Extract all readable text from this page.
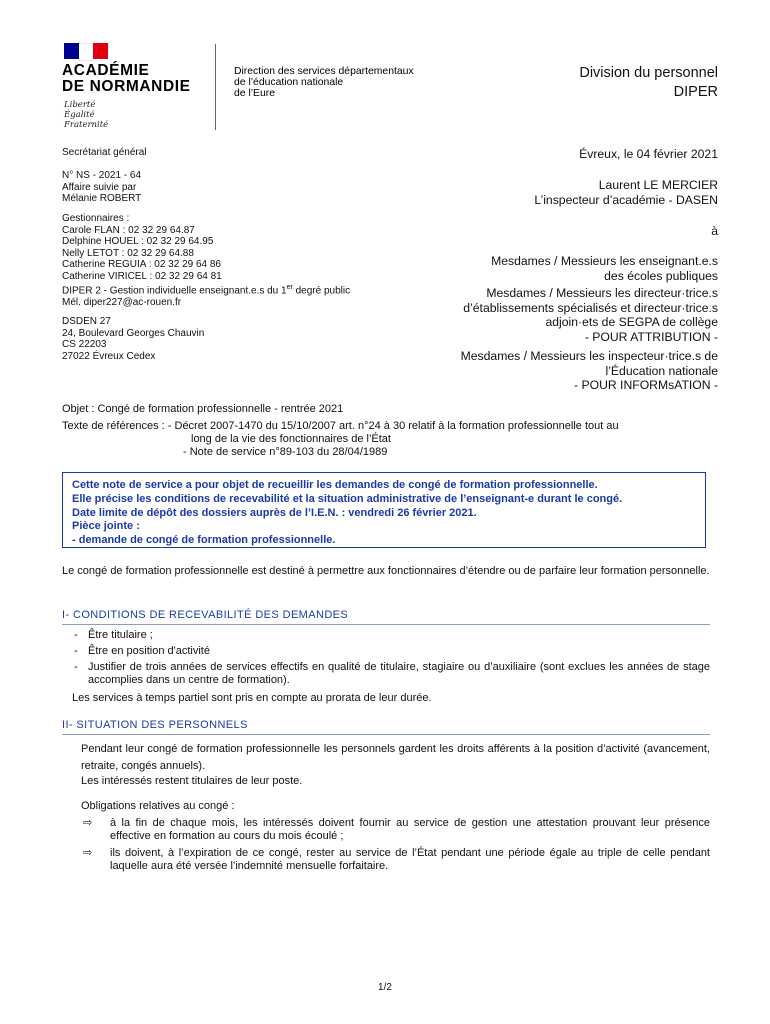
ACADÉMIE
DE NORMANDIE
Liberté
Égalité
Fraternité
Direction des services départementaux
de l’éducation nationale
de l’Eure
Division du personnel
DIPER
Secrétariat général
N° NS - 2021 - 64
Affaire suivie par
Mélanie ROBERT
Gestionnaires :
Carole FLAN : 02 32 29 64.87
Delphine HOUEL : 02 32 29 64.95
Nelly LETOT : 02 32 29 64.88
Catherine REGUIA : 02 32 29 64 86
Catherine VIRICEL : 02 32 29 64 81
DIPER 2 - Gestion individuelle enseignant.e.s du 1er degré public
Mél. diper227@ac-rouen.fr
DSDEN 27
24, Boulevard Georges Chauvin
CS 22203
27022 Évreux Cedex
Évreux, le 04 février 2021
Laurent LE MERCIER
L’inspecteur d’académie - DASEN
à
Mesdames / Messieurs les enseignant.e.s
des écoles publiques
Mesdames / Messieurs les directeur·trice.s
d’établissements spécialisés et directeur·trice.s
adjoin·ets de SEGPA de collège
- POUR ATTRIBUTION -
Mesdames / Messieurs les inspecteur·trice.s de
l’Éducation nationale
- POUR INFORMsATION -
Objet : Congé de formation professionnelle - rentrée 2021
Texte de références : - Décret 2007-1470 du 15/10/2007 art. n°24 à 30 relatif à la formation professionnelle tout au
long de la vie des fonctionnaires de l’État
- Note de service n°89-103 du 28/04/1989
Cette note de service a pour objet de recueillir les demandes de congé de formation professionnelle.
Elle précise les conditions de recevabilité et la situation administrative de l’enseignant-e durant le congé.
Date limite de dépôt des dossiers auprès de l’I.E.N. : vendredi 26 février 2021.
Pièce jointe :
- demande de congé de formation professionnelle.
Le congé de formation professionnelle est destiné à permettre aux fonctionnaires d’étendre ou de parfaire leur formation personnelle.
I- CONDITIONS DE RECEVABILITÉ DES DEMANDES
- Être titulaire ;
- Être en position d'activité
- Justifier de trois années de services effectifs en qualité de titulaire, stagiaire ou d’auxiliaire (sont exclues les années de stage accomplies dans un centre de formation).
Les services à temps partiel sont pris en compte au prorata de leur durée.
II- SITUATION DES PERSONNELS
Pendant leur congé de formation professionnelle les personnels gardent les droits afférents à la position d’activité (avancement, retraite, congés annuels).
Les intéressés restent titulaires de leur poste.
Obligations relatives au congé :
⇨ à la fin de chaque mois, les intéressés doivent fournir au service de gestion une attestation prouvant leur présence effective en formation au cours du mois écoulé ;
⇨ ils doivent, à l’expiration de ce congé, rester au service de l’État pendant une période égale au triple de celle pendant laquelle aura été versée l’indemnité mensuelle forfaitaire.
1/2
